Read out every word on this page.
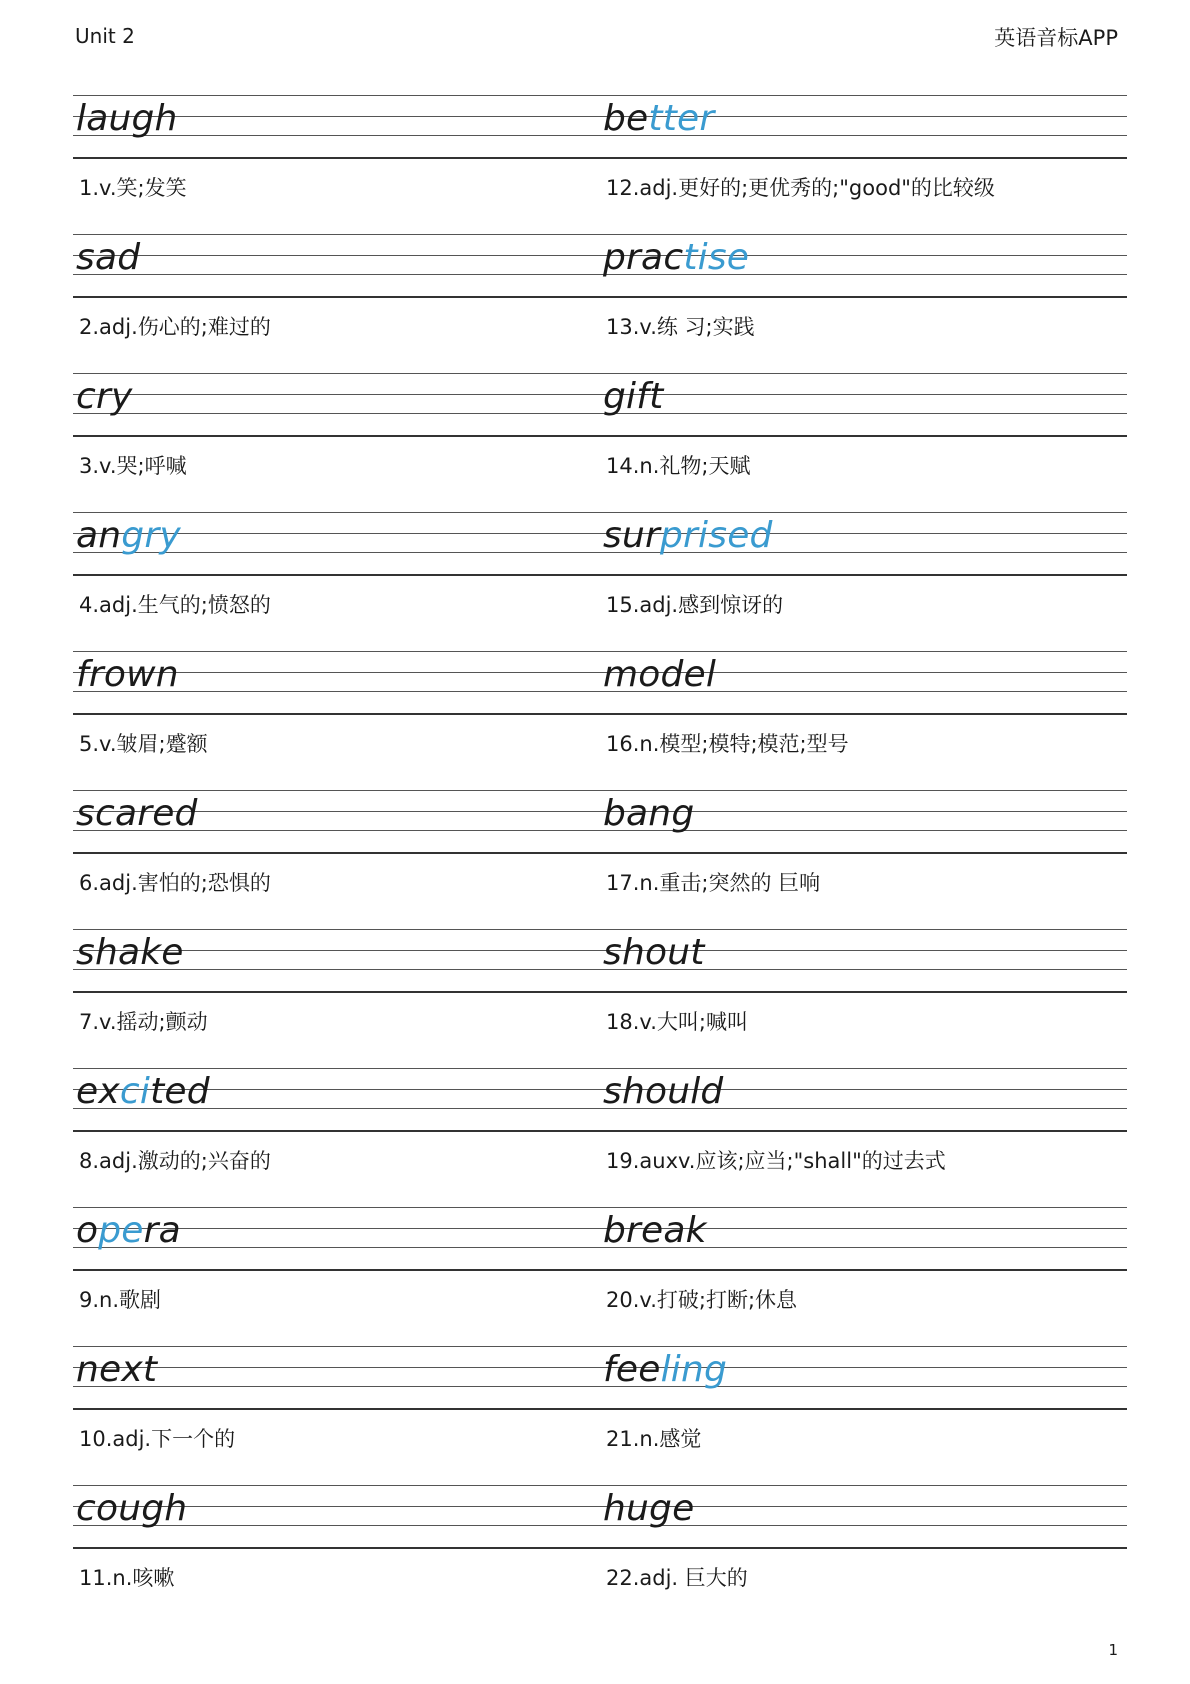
Unit 2	英语音标APP
laugh
1.v.笑;发笑
better
12.adj.更好的;更优秀的;"good"的比较级
sad
2.adj.伤心的;难过的
practise
13.v.练 习;实践
cry
3.v.哭;呼喊
gift
14.n.礼物;天赋
angry
4.adj.生气的;愤怒的
surprised
15.adj.感到惊讶的
frown
5.v.皱眉;蹙额
model
16.n.模型;模特;模范;型号
scared
6.adj.害怕的;恐惧的
bang
17.n.重击;突然的 巨响
shake
7.v.摇动;颤动
shout
18.v.大叫;喊叫
excited
8.adj.激动的;兴奋的
should
19.auxv.应该;应当;"shall"的过去式
opera
9.n.歌剧
break
20.v.打破;打断;休息
next
10.adj.下一个的
feeling
21.n.感觉
cough
11.n.咳嗽
huge
22.adj. 巨大的
1
